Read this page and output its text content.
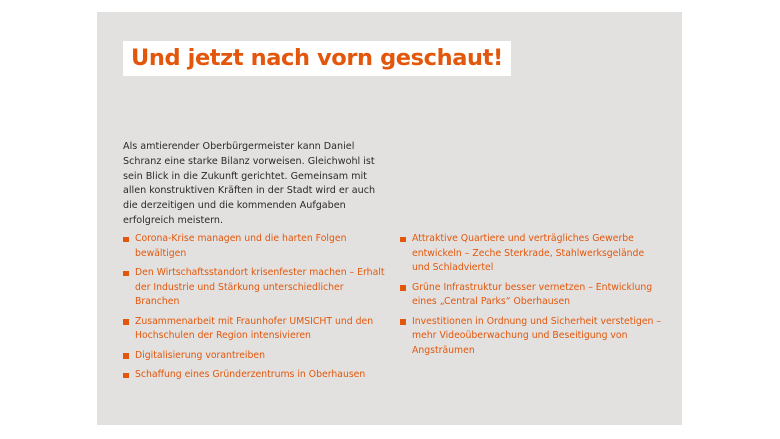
Und jetzt nach vorn geschaut!

Als amtierender Oberbürgermeister kann Daniel Schranz eine starke Bilanz vorweisen. Gleichwohl ist sein Blick in die Zukunft gerichtet. Gemeinsam mit allen konstruktiven Kräften in der Stadt wird er auch die derzeitigen und die kommenden Aufgaben erfolgreich meistern.

Corona-Krise managen und die harten Folgen bewältigen
Den Wirtschaftsstandort krisenfester machen – Erhalt der Industrie und Stärkung unterschiedlicher Branchen
Zusammenarbeit mit Fraunhofer UMSICHT und den Hochschulen der Region intensivieren
Digitalisierung vorantreiben
Schaffung eines Gründerzentrums in Oberhausen
Attraktive Quartiere und verträgliches Gewerbe entwickeln – Zeche Sterkrade, Stahlwerksgelände und Schladviertel
Grüne Infrastruktur besser vernetzen – Entwicklung eines „Central Parks“ Oberhausen
Investitionen in Ordnung und Sicherheit verstetigen – mehr Videoüberwachung und Beseitigung von Angsträumen
